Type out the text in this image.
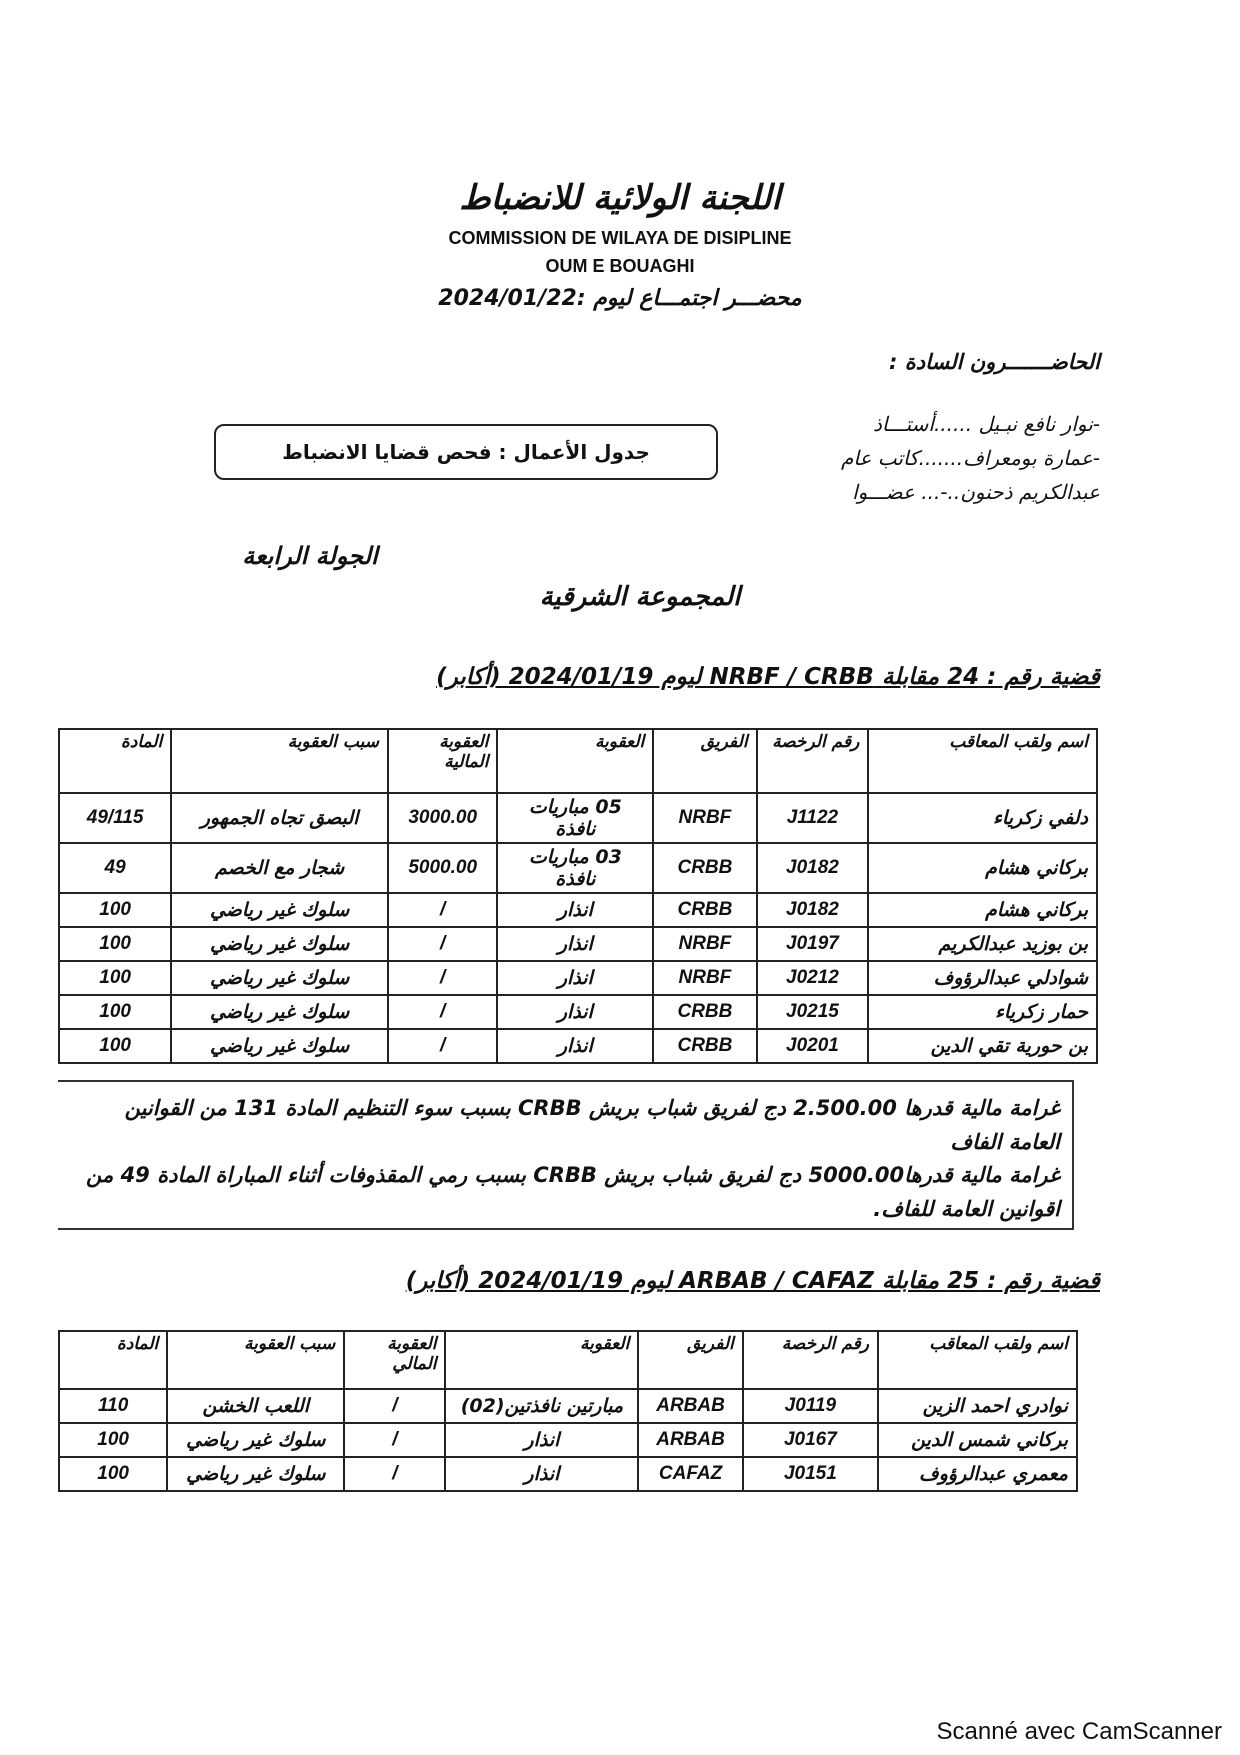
اللجنة الولائية للانضباط
COMMISSION DE WILAYA DE DISIPLINE
OUM E BOUAGHI
محضـــر اجتمـــاع ليوم :2024/01/22
الحاضـــــــرون السادة :
-نوار نافع نبـيل ......أستـــاذ
-عمارة بومعراف.......كاتب عام
عبدالكريم ذحنون..-... عضـــوا
جدول الأعمال : فحص قضايا الانضباط
الجولة الرابعة
المجموعة الشرقية
قضية رقم : 24 مقابلة NRBF / CRBB ليوم 2024/01/19 (أكابر)
اسم ولقب المعاقب	رقم الرخصة	الفريق	العقوبة	العقوبة المالية	سبب العقوبة	المادة
دلفي زكرياء	J1122	NRBF	05 مباريات نافذة	3000.00	البصق تجاه الجمهور	49/115
بركاني هشام	J0182	CRBB	03 مباريات نافذة	5000.00	شجار مع الخصم	49
بركاني هشام	J0182	CRBB	انذار	/	سلوك غير رياضي	100
بن بوزيد عبدالكريم	J0197	NRBF	انذار	/	سلوك غير رياضي	100
شوادلي عبدالرؤوف	J0212	NRBF	انذار	/	سلوك غير رياضي	100
حمار زكرياء	J0215	CRBB	انذار	/	سلوك غير رياضي	100
بن حورية تقي الدين	J0201	CRBB	انذار	/	سلوك غير رياضي	100
غرامة مالية قدرها 2.500.00 دج لفريق شباب بريش CRBB بسبب سوء التنظيم المادة 131 من القوانين العامة الفاف
غرامة مالية قدرها5000.00 دج لفريق شباب بريش CRBB بسبب رمي المقذوفات أثناء المباراة المادة 49 من
اقوانين العامة للفاف.
قضية رقم : 25 مقابلة ARBAB / CAFAZ ليوم 2024/01/19 (أكابر)
اسم ولقب المعاقب	رقم الرخصة	الفريق	العقوبة	العقوبة المالي	سبب العقوبة	المادة
نوادري احمد الزين	J0119	ARBAB	مبارتين نافذتين(02)	/	اللعب الخشن	110
بركاني شمس الدين	J0167	ARBAB	انذار	/	سلوك غير رياضي	100
معمري عبدالرؤوف	J0151	CAFAZ	انذار	/	سلوك غير رياضي	100
Scanné avec CamScanner
